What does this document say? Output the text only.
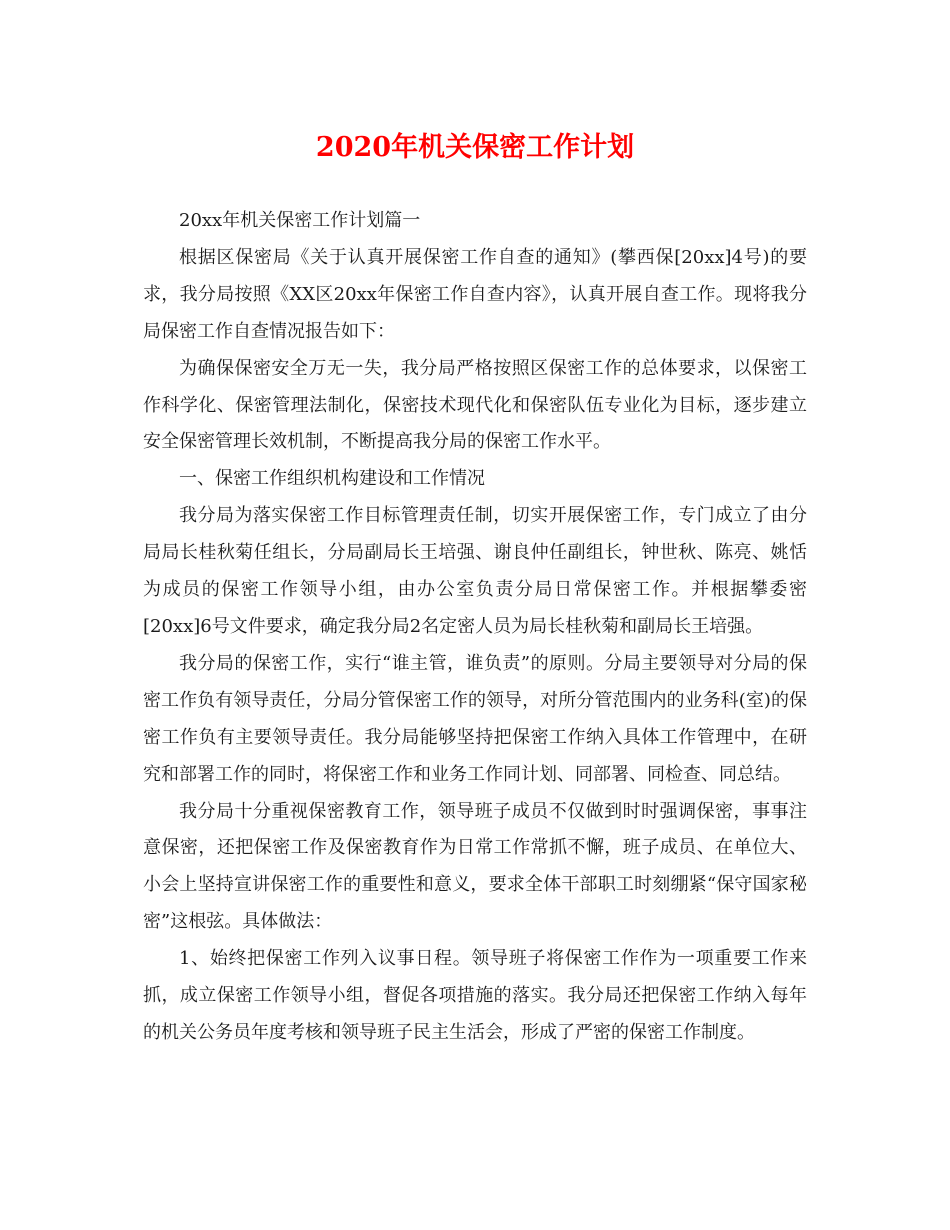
2020年机关保密工作计划

20xx年机关保密工作计划篇一

根据区保密局《关于认真开展保密工作自查的通知》(攀西保[20xx]4号)的要求，我分局按照《XX区20xx年保密工作自查内容》，认真开展自查工作。现将我分局保密工作自查情况报告如下：

为确保保密安全万无一失，我分局严格按照区保密工作的总体要求，以保密工作科学化、保密管理法制化，保密技术现代化和保密队伍专业化为目标，逐步建立安全保密管理长效机制，不断提高我分局的保密工作水平。

一、保密工作组织机构建设和工作情况

我分局为落实保密工作目标管理责任制，切实开展保密工作，专门成立了由分局局长桂秋菊任组长，分局副局长王培强、谢良仲任副组长，钟世秋、陈亮、姚恬为成员的保密工作领导小组，由办公室负责分局日常保密工作。并根据攀委密[20xx]6号文件要求，确定我分局2名定密人员为局长桂秋菊和副局长王培强。

我分局的保密工作，实行“谁主管，谁负责”的原则。分局主要领导对分局的保密工作负有领导责任，分局分管保密工作的领导，对所分管范围内的业务科(室)的保密工作负有主要领导责任。我分局能够坚持把保密工作纳入具体工作管理中，在研究和部署工作的同时，将保密工作和业务工作同计划、同部署、同检查、同总结。

我分局十分重视保密教育工作，领导班子成员不仅做到时时强调保密，事事注意保密，还把保密工作及保密教育作为日常工作常抓不懈，班子成员、在单位大、小会上坚持宣讲保密工作的重要性和意义，要求全体干部职工时刻绷紧“保守国家秘密”这根弦。具体做法：

1、始终把保密工作列入议事日程。领导班子将保密工作作为一项重要工作来抓，成立保密工作领导小组，督促各项措施的落实。我分局还把保密工作纳入每年的机关公务员年度考核和领导班子民主生活会，形成了严密的保密工作制度。
